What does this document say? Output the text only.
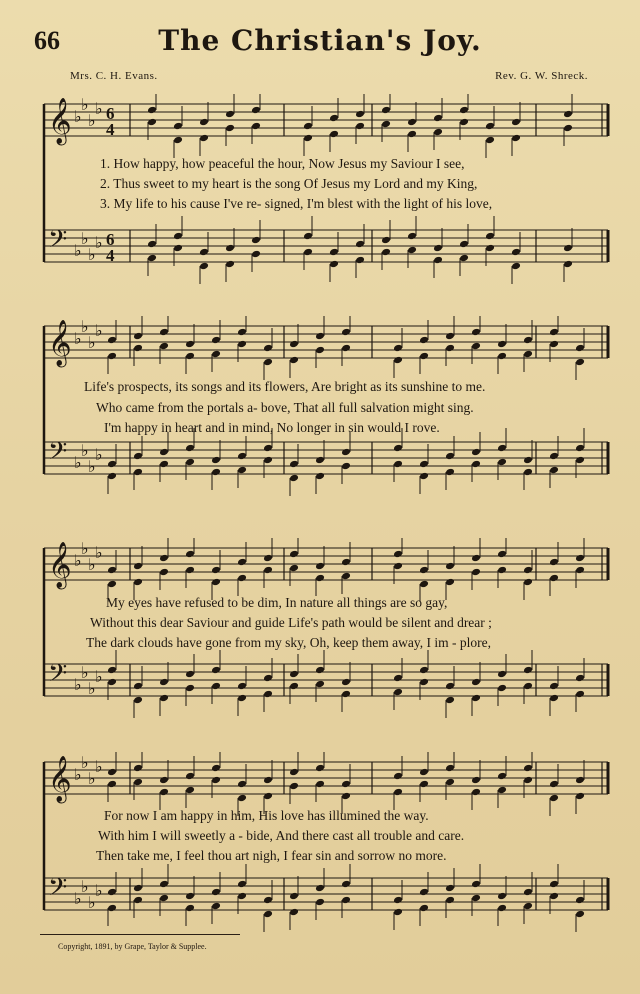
66	The Christian's Joy.
Mrs. C. H. Evans.	Rev. G. W. Shreck.
𝄞 ♭
♭
♭
♭ 6
4
𝄢 ♭
♭
♭
♭ 6
4
1. How happy, how peaceful the hour, Now Jesus my Saviour I see,
2. Thus sweet to my heart is the song Of Jesus my Lord and my King,
3. My life to his cause I've re- signed, I'm blest with the light of his love,
𝄞 ♭
♭
♭
♭
𝄢 ♭
♭
♭
♭
Life's prospects, its songs and its flowers, Are bright as its sunshine to me.
Who came from the portals a- bove, That all full salvation might sing.
I'm happy in heart and in mind, No longer in sin would I rove.
𝄞 ♭
♭
♭
♭
𝄢 ♭
♭
♭
♭
My eyes have refused to be dim, In nature all things are so gay,
Without this dear Saviour and guide Life's path would be silent and drear ;
The dark clouds have gone from my sky, Oh, keep them away, I im - plore,
𝄞 ♭
♭
♭
♭
𝄢 ♭
♭
♭
♭
For now I am happy in him, His love has illumined the way.
With him I will sweetly a - bide, And there cast all trouble and care.
Then take me, I feel thou art nigh, I fear sin and sorrow no more.
Copyright, 1891, by Grape, Taylor & Supplee.
